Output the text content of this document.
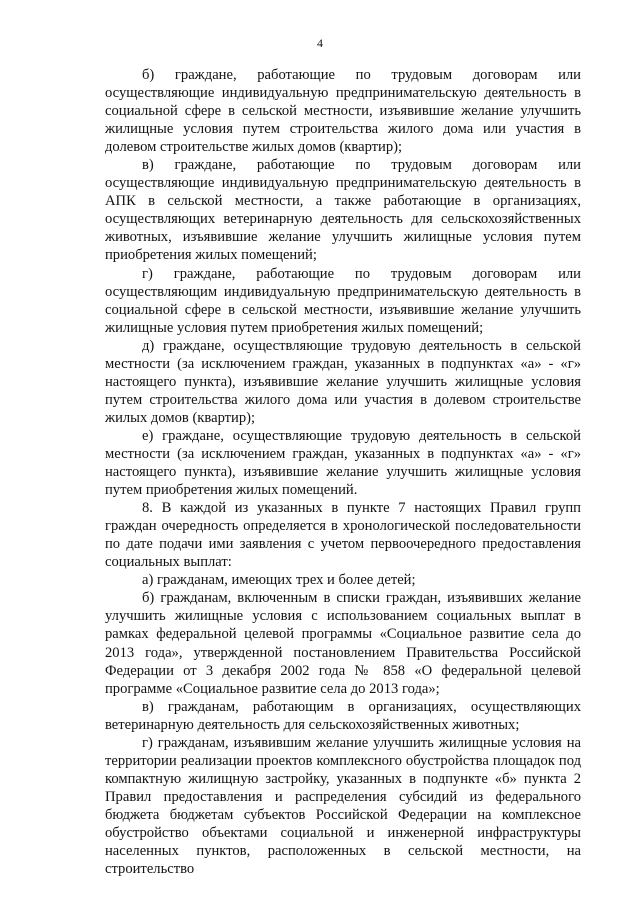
4

б) граждане, работающие по трудовым договорам или осуществляющие индивидуальную предпринимательскую деятельность в социальной сфере в сельской местности, изъявившие желание улучшить жилищные условия путем строительства жилого дома или участия в долевом строительстве жилых домов (квартир);

в) граждане, работающие по трудовым договорам или осуществляющие индивидуальную предпринимательскую деятельность в АПК в сельской местности, а также работающие в организациях, осуществляющих ветеринарную деятельность для сельскохозяйственных животных, изъявившие желание улучшить жилищные условия путем приобретения жилых помещений;

г) граждане, работающие по трудовым договорам или осуществляющим индивидуальную предпринимательскую деятельность в социальной сфере в сельской местности, изъявившие желание улучшить жилищные условия путем приобретения жилых помещений;

д) граждане, осуществляющие трудовую деятельность в сельской местности (за исключением граждан, указанных в подпунктах «а» - «г» настоящего пункта), изъявившие желание улучшить жилищные условия путем строительства жилого дома или участия в долевом строительстве жилых домов (квартир);

е) граждане, осуществляющие трудовую деятельность в сельской местности (за исключением граждан, указанных в подпунктах «а» - «г» настоящего пункта), изъявившие желание улучшить жилищные условия путем приобретения жилых помещений.

8. В каждой из указанных в пункте 7 настоящих Правил групп граждан очередность определяется в хронологической последовательности по дате подачи ими заявления с учетом первоочередного предоставления социальных выплат:

а) гражданам, имеющих трех и более детей;

б) гражданам, включенным в списки граждан, изъявивших желание улучшить жилищные условия с использованием социальных выплат в рамках федеральной целевой программы «Социальное развитие села до 2013 года», утвержденной постановлением Правительства Российской Федерации от 3 декабря 2002 года № 858 «О федеральной целевой программе «Социальное развитие села до 2013 года»;

в) гражданам, работающим в организациях, осуществляющих ветеринарную деятельность для сельскохозяйственных животных;

г) гражданам, изъявившим желание улучшить жилищные условия на территории реализации проектов комплексного обустройства площадок под компактную жилищную застройку, указанных в подпункте «б» пункта 2 Правил предоставления и распределения субсидий из федерального бюджета бюджетам субъектов Российской Федерации на комплексное обустройство объектами социальной и инженерной инфраструктуры населенных пунктов, расположенных в сельской местности, на строительство
